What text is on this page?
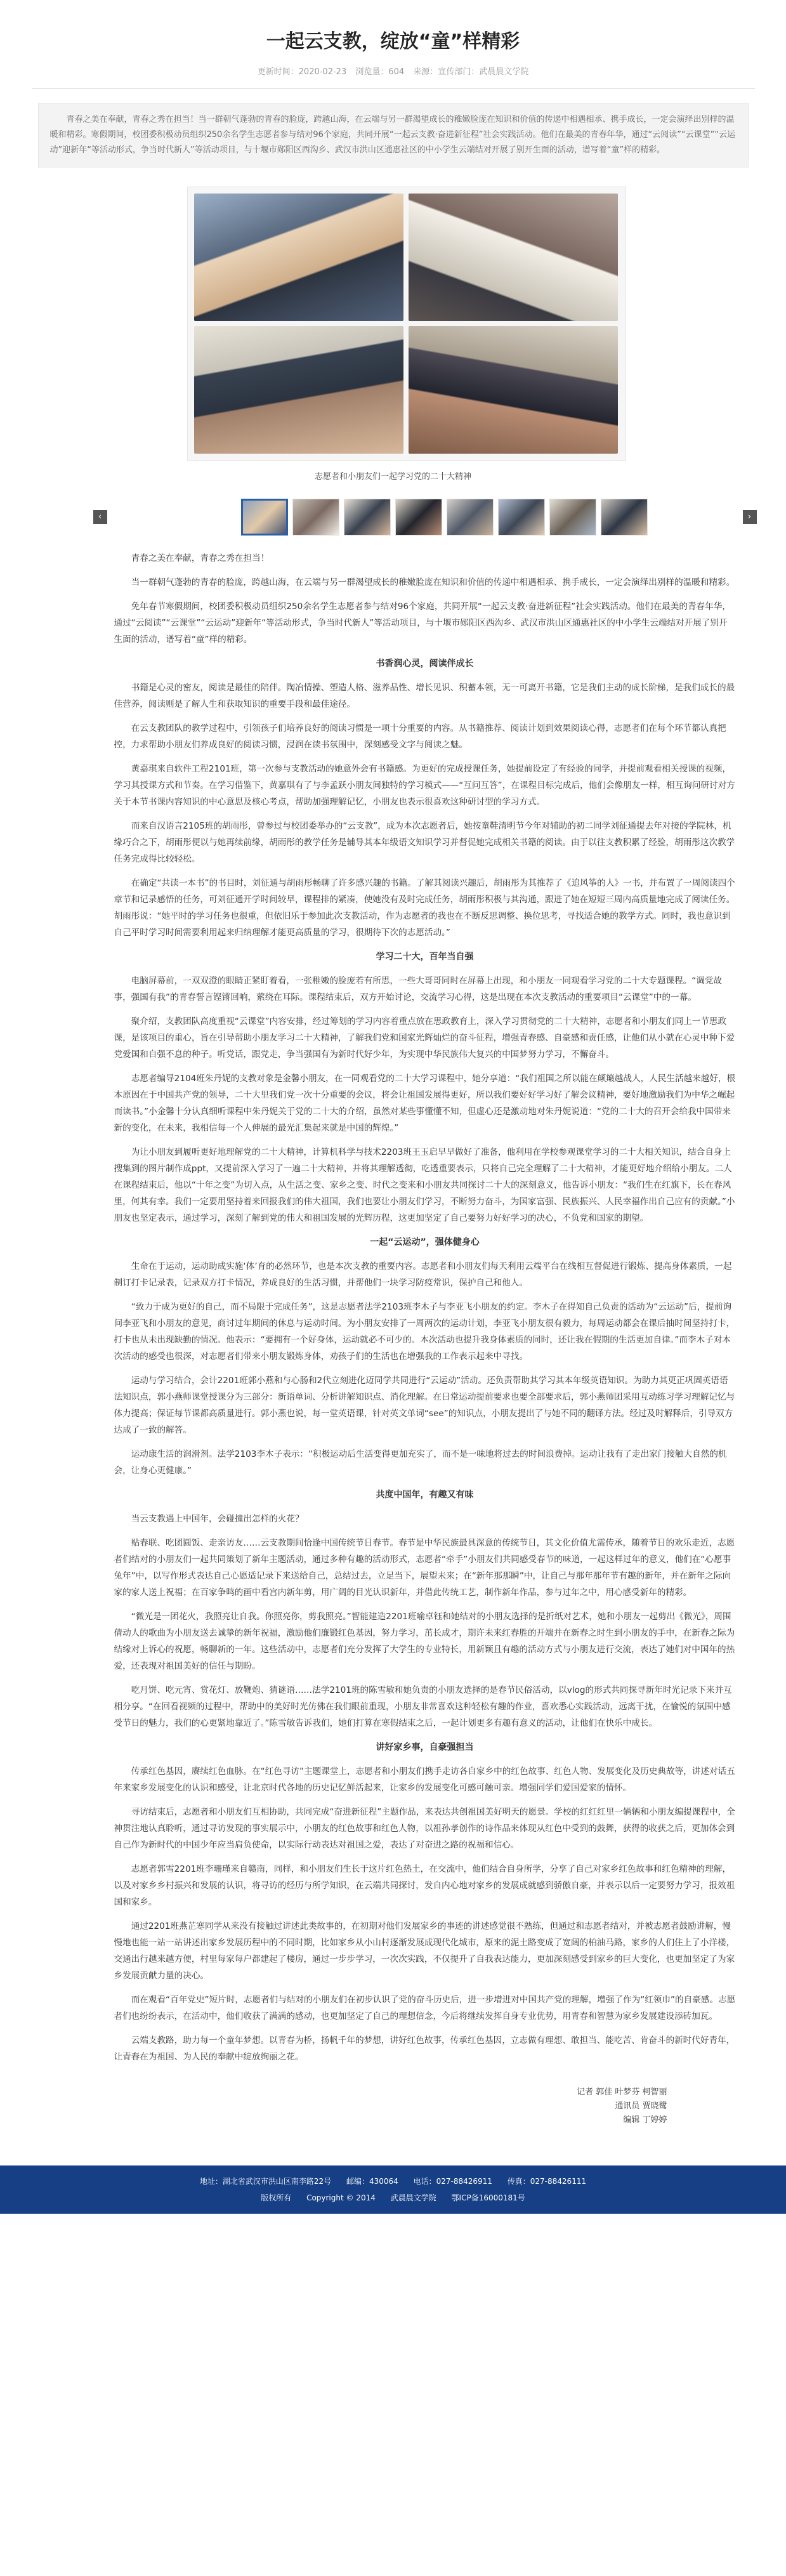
一起云支教，绽放“童”样精彩
更新时间：2020-02-23 浏览量：604 来源：宣传部门：武晨晨文学院
青春之美在奉献，青春之秀在担当！当一群朝气蓬勃的青春的脸庞，跨越山海，在云端与另一群渴望成长的稚嫩脸庞在知识和价值的传递中相遇相承、携手成长，一定会演绎出别样的温暖和精彩。寒假期间，校团委积极动员组织250余名学生志愿者参与结对96个家庭，共同开展“一起云支教·奋进新征程”社会实践活动。他们在最美的青春年华，通过“云阅读”“云课堂”“云运动”迎新年“等活动形式，争当时代新人”等活动项目，与十堰市郧阳区西沟乡、武汉市洪山区通惠社区的中小学生云端结对开展了别开生面的活动，谱写着“童”样的精彩。
志愿者和小朋友们一起学习党的二十大精神
‹	›

青春之美在奉献，青春之秀在担当！

当一群朝气蓬勃的青春的脸庞，跨越山海，在云端与另一群渴望成长的稚嫩脸庞在知识和价值的传递中相遇相承、携手成长，一定会演绎出别样的温暖和精彩。

免年春节寒假期间，校团委积极动员组织250余名学生志愿者参与结对96个家庭，共同开展“一起云支教·奋进新征程”社会实践活动。他们在最美的青春年华，通过“云阅读”“云课堂”“云运动”迎新年“等活动形式，争当时代新人”等活动项目，与十堰市郧阳区西沟乡、武汉市洪山区通惠社区的中小学生云端结对开展了别开生面的活动，谱写着“童”样的精彩。

书香润心灵，阅读伴成长

书籍是心灵的密友，阅读是最佳的陪伴。陶冶情操、塑造人格、滋养品性、增长见识、积蓄本领，无一可离开书籍，它是我们主动的成长阶梯，是我们成长的最佳营养，阅读则是了解人生和获取知识的重要手段和最佳途径。

在云支教团队的教学过程中，引领孩子们培养良好的阅读习惯是一项十分重要的内容。从书籍推荐、阅读计划到效果阅读心得，志愿者们在每个环节都认真把控，力求帮助小朋友们养成良好的阅读习惯，浸润在读书氛围中，深刻感受文字与阅读之魅。

黄嘉琪来自软件工程2101班，第一次参与支教活动的她意外会有书籍感。为更好的完成授课任务，她提前设定了有经验的同学，并提前观看相关授课的视频，学习其授课方式和节奏。在学习借鉴下，黄嘉琪有了与李孟跃小朋友间独特的学习模式——“互问互答”，在课程目标完成后，他们会像朋友一样，相互询问研讨对方关于本节书课内容知识的中心意思及核心考点，帮助加强理解记忆，小朋友也表示很喜欢这种研讨型的学习方式。

而来自汉语言2105班的胡雨彤，曾参过与校团委举办的“云支教”，成为本次志愿者后，她按童鞋清明节今年对辅助的初二同学刘征通提去年对接的学院林，机缘巧合之下，胡雨彤便以与她再续前缘，胡雨彤的教学任务是辅导其本年级语文知识学习并督促她完成相关书籍的阅读。由于以往支教积累了经验，胡雨彤这次教学任务完成得比较轻松。

在确定“共读一本书”的书目时，刘征通与胡雨彤畅聊了许多感兴趣的书籍。了解其阅读兴趣后，胡雨彤为其推荐了《追风筝的人》一书，并布置了一周阅读四个章节和记录感悟的任务，可刘征通开学时间较早，课程排的紧凑，使她没有及时完成任务，胡雨彤积极与其沟通，跟进了她在短短三周内高质量地完成了阅读任务。胡雨彤说：“她平时的学习任务也很重，但依旧乐于参加此次支教活动，作为志愿者的我也在不断反思调整、换位思考，寻找适合她的教学方式。同时，我也意识到自己平时学习时间需要利用起来归纳理解才能更高质量的学习，很期待下次的志愿活动。”

学习二十大，百年当自强

电脑屏幕前，一双双澄的眼睛正紧盯着看，一张稚嫩的脸庞若有所思，一些大哥哥同时在屏幕上出现，和小朋友一同观看学习党的二十大专题课程。“调党故事，强国有我”的青春誓言铿锵回响，萦绕在耳际。课程结束后，双方开始讨论，交流学习心得，这是出现在本次支教活动的重要项目“云课堂”中的一幕。

聚介绍，支教团队高度重视“云课堂”内容安排，经过筹划的学习内容着重点放在思政教育上，深入学习贯彻党的二十大精神，志愿者和小朋友们同上一节思政课，是该项目的重心，旨在引导帮助小朋友学习二十大精神，了解我们党和国家光辉灿烂的奋斗征程，增强青春感、自豪感和责任感，让他们从小就在心灵中种下爱党爱国和自强不息的种子。听党话，跟党走，争当强国有为新时代好少年，为实现中华民族伟大复兴的中国梦努力学习，不懈奋斗。

志愿者编导2104班朱丹妮的支教对象是金馨小朋友，在一同观看党的二十大学习课程中，她分享道：“我们祖国之所以能在颠簸越战人，人民生活越来越好，根本原因在于中国共产党的领导，二十大里我们党一次十分重要的会议，将会让祖国发展得更好，所以我们要好好学习好了解会议精神，要好地激励我们为中华之崛起而读书。”小金馨十分认真细听课程中朱丹妮关于党的二十大的介绍，虽然对某些事懂懂不知，但虚心还是激动地对朱丹妮说道：“党的二十大的召开会给我中国带来新的变化，在未来，我相信每一个人伸展的最光汇集起来就是中国的辉煌。”

为让小朋友到履听更好地理解党的二十大精神，计算机科学与技术2203班王玉启早早做好了准备，他利用在学校参观课堂学习的二十大相关知识，结合自身上搜集到的图片制作成ppt，又提前深入学习了一遍二十大精神，并将其理解透彻，吃透重要表示，只将自己完全理解了二十大精神，才能更好地介绍给小朋友。二人在课程结束后，他以“十年之变”为切入点，从生活之变、家乡之变、时代之变来和小朋友共同探讨二十大的深刻意义，他告诉小朋友：“我们生在红旗下，长在春风里，何其有幸。我们一定要用坚持着来回报我们的伟大祖国，我们也要让小朋友们学习，不断努力奋斗，为国家富强、民族振兴、人民幸福作出自己应有的贡献。”小朋友也坚定表示，通过学习，深刻了解到党的伟大和祖国发展的光辉历程，这更加坚定了自己要努力好好学习的决心，不负党和国家的期望。

一起“云运动”，强体健身心

生命在于运动，运动助成实施‘体’育的必然环节，也是本次支教的重要内容。志愿者和小朋友们每天利用云端平台在线相互督促进行锻炼、提高身体素质，一起制订打卡记录表，记录双方打卡情况，养成良好的生活习惯，并帮他们一块学习防疫常识，保护自己和他人。

“致力于成为更好的自己，而不局限于完成任务”，这是志愿者法学2103班李木子与李亚飞小朋友的约定。李木子在得知自己负责的活动为“云运动”后，提前询问李亚飞和小朋友的意见，商讨过年期间的休息与运动时间。为小朋友安排了一周两次的运动计划，李亚飞小朋友很有毅力，每周运动都会在课后抽时间坚持打卡，打卡也从未出现缺勤的情况。他表示：“要拥有一个好身体，运动就必不可少的。本次活动也提升我身体素质的同时，还让我在假期的生活更加自律。”而李木子对本次活动的感受也很深，对志愿者们带来小朋友锻炼身体，劝孩子们的生活也在增强我的工作表示起来中寻找。

运动与学习结合，会计2201班郭小燕和与心肠和2代立刻进化迈同学共同进行“云运动”活动。还负责帮助其学习其本年级英语知识。为助力其更正巩固英语语法知识点，郭小燕师课堂授课分为三部分：新语单词、分析讲解知识点、消化理解。在日常运动提前要求也要全部要求后，郭小燕师团采用互动练习学习理解记忆与体力提高；保证每节课都高质量进行。郭小燕也说，每一堂英语课，针对英文单词“see”的知识点，小朋友提出了与她不同的翻译方法。经过及时解释后，引导双方达成了一致的解答。

运动康生活的润滑剂。法学2103李木子表示：“积极运动后生活变得更加充实了，而不是一味地将过去的时间浪费掉。运动让我有了走出家门接触大自然的机会，让身心更健康。”

共度中国年，有趣又有味

当云支教遇上中国年，会碰撞出怎样的火花？

贴春联、吃团圆饭、走亲访友……云支教期间恰逢中国传统节日春节。春节是中华民族最具深意的传统节日，其文化价值尤需传承，随着节日的欢乐走近，志愿者们结对的小朋友们一起共同策划了新年主题活动，通过多种有趣的活动形式，志愿者“牵手”小朋友们共同感受春节的味道，一起这样过年的意义，他们在“心愿事兔年”中，以写作形式表达自己心愿适记录下来送给自己，总结过去，立足当下，展望未来；在“新年那那瞬”中，让自己与那年那年节有趣的新年，并在新年之际向家的家人送上祝福；在百家争鸣的画中看宫内新年剪，用广阔的目光认识新年，并借此传统工艺，制作新年作品，参与过年之中，用心感受新年的精彩。

“微光是一团花火，我照亮让自我。你照亮你，剪我照亮。”智能建造2201班喻卓钰和她结对的小朋友选择的是折纸对艺术，她和小朋友一起剪出《微光》，周围倩动人的歌曲为小朋友送去诚挚的新年祝福，激励他们廉锻红色基因，努力学习，茁长成才，期许未来红春胜的开端并在新春之时生到小朋友的手中，在新春之际为结缘对上诉心的祝愿，畅聊新的一年。这些活动中，志愿者们充分发挥了大学生的专业特长，用新颖且有趣的活动方式与小朋友进行交流，表达了她们对中国年的热爱，还表现对祖国美好的信任与期盼。

吃月饼、吃元宵、赏花灯、放鞭炮、猜谜语……法学2101班的陈雪敏和她负责的小朋友选择的是春节民俗活动，以vlog的形式共同探寻新年时光记录下来并互相分享。“在回看视频的过程中，帮助中的美好时光仿佛在我们眼前重现，小朋友非常喜欢这种轻松有趣的作业，喜欢悉心实践活动，远离干扰，在愉悦的氛围中感受节日的魅力，我们的心更紧地靠近了。”陈雪敏告诉我们，她们打算在寒假结束之后，一起计划更多有趣有意义的活动，让他们在快乐中成长。

讲好家乡事，自豪强担当

传承红色基因，赓续红色血脉。在“红色寻访”主题课堂上，志愿者和小朋友们携手走访各自家乡中的红色故事、红色人物、发展变化及历史典故等，讲述对话五年来家乡发展变化的认识和感受，让北京时代各地的历史记忆鲜活起来，让家乡的发展变化可感可触可亲。增强同学们爱国爱家的情怀。

寻访结束后，志愿者和小朋友们互相协助，共同完成“奋进新征程”主题作品，来表达共创祖国美好明天的愿景。学校的红红红里一辆辆和小朋友编提课程中，全神贯注地认真聆听，通过寻访发现的事实展示中，小朋友的红色故事和红色人物，以祖孙孝创作的诗作品来体现从红色中受到的鼓舞，获得的收获之后，更加体会到自己作为新时代的中国少年应当肩负使命，以实际行动表达对祖国之爱，表达了对奋进之路的祝福和信心。

志愿者郭雪2201班李珊瑾来自赣南，同样，和小朋友们生长于这片红色热土，在交流中，他们结合自身所学，分享了自己对家乡红色故事和红色精神的理解，以及对家乡乡村振兴和发展的认识，将寻访的经历与所学知识，在云端共同探讨，发自内心地对家乡的发展成就感到骄傲自豪，并表示以后一定要努力学习，报效祖国和家乡。

通过2201班燕芷寒同学从来没有接触过讲述此类故事的，在初期对他们发展家乡的事迹的讲述感觉很不熟练，但通过和志愿者结对，并被志愿者鼓励讲解，慢慢地也能一站一站讲述出家乡发展历程中的不同时期，比如家乡从小山村逐渐发展成现代化城市，原来的泥土路变成了宽阔的柏油马路，家乡的人们住上了小洋楼，交通出行越来越方便，村里每家每户都建起了楼房，通过一步步学习，一次次实践，不仅提升了自我表达能力，更加深刻感受到家乡的巨大变化，也更加坚定了为家乡发展贡献力量的决心。

而在观看“百年党史”短片时，志愿者们与结对的小朋友们在初步认识了党的奋斗历史后，进一步增进对中国共产党的理解，增强了作为“红领巾”的自豪感。志愿者们也纷纷表示，在活动中，他们收获了满满的感动，也更加坚定了自己的理想信念，今后将继续发挥自身专业优势，用青春和智慧为家乡发展建设添砖加瓦。

云端支教路，助力每一个童年梦想。以青春为桥，扬帆千年的梦想，讲好红色故事，传承红色基因，立志做有理想、敢担当、能吃苦、肯奋斗的新时代好青年，让青春在为祖国、为人民的奉献中绽放绚丽之花。

记者 郭佳 叶梦芬 柯智丽
通讯员 贾晓鹭
编辑 丁婷婷
地址：湖北省武汉市洪山区南李路22号 邮编：430064 电话：027-88426911 传真：027-88426111
版权所有 Copyright © 2014 武晨晨文学院 鄂ICP备16000181号
